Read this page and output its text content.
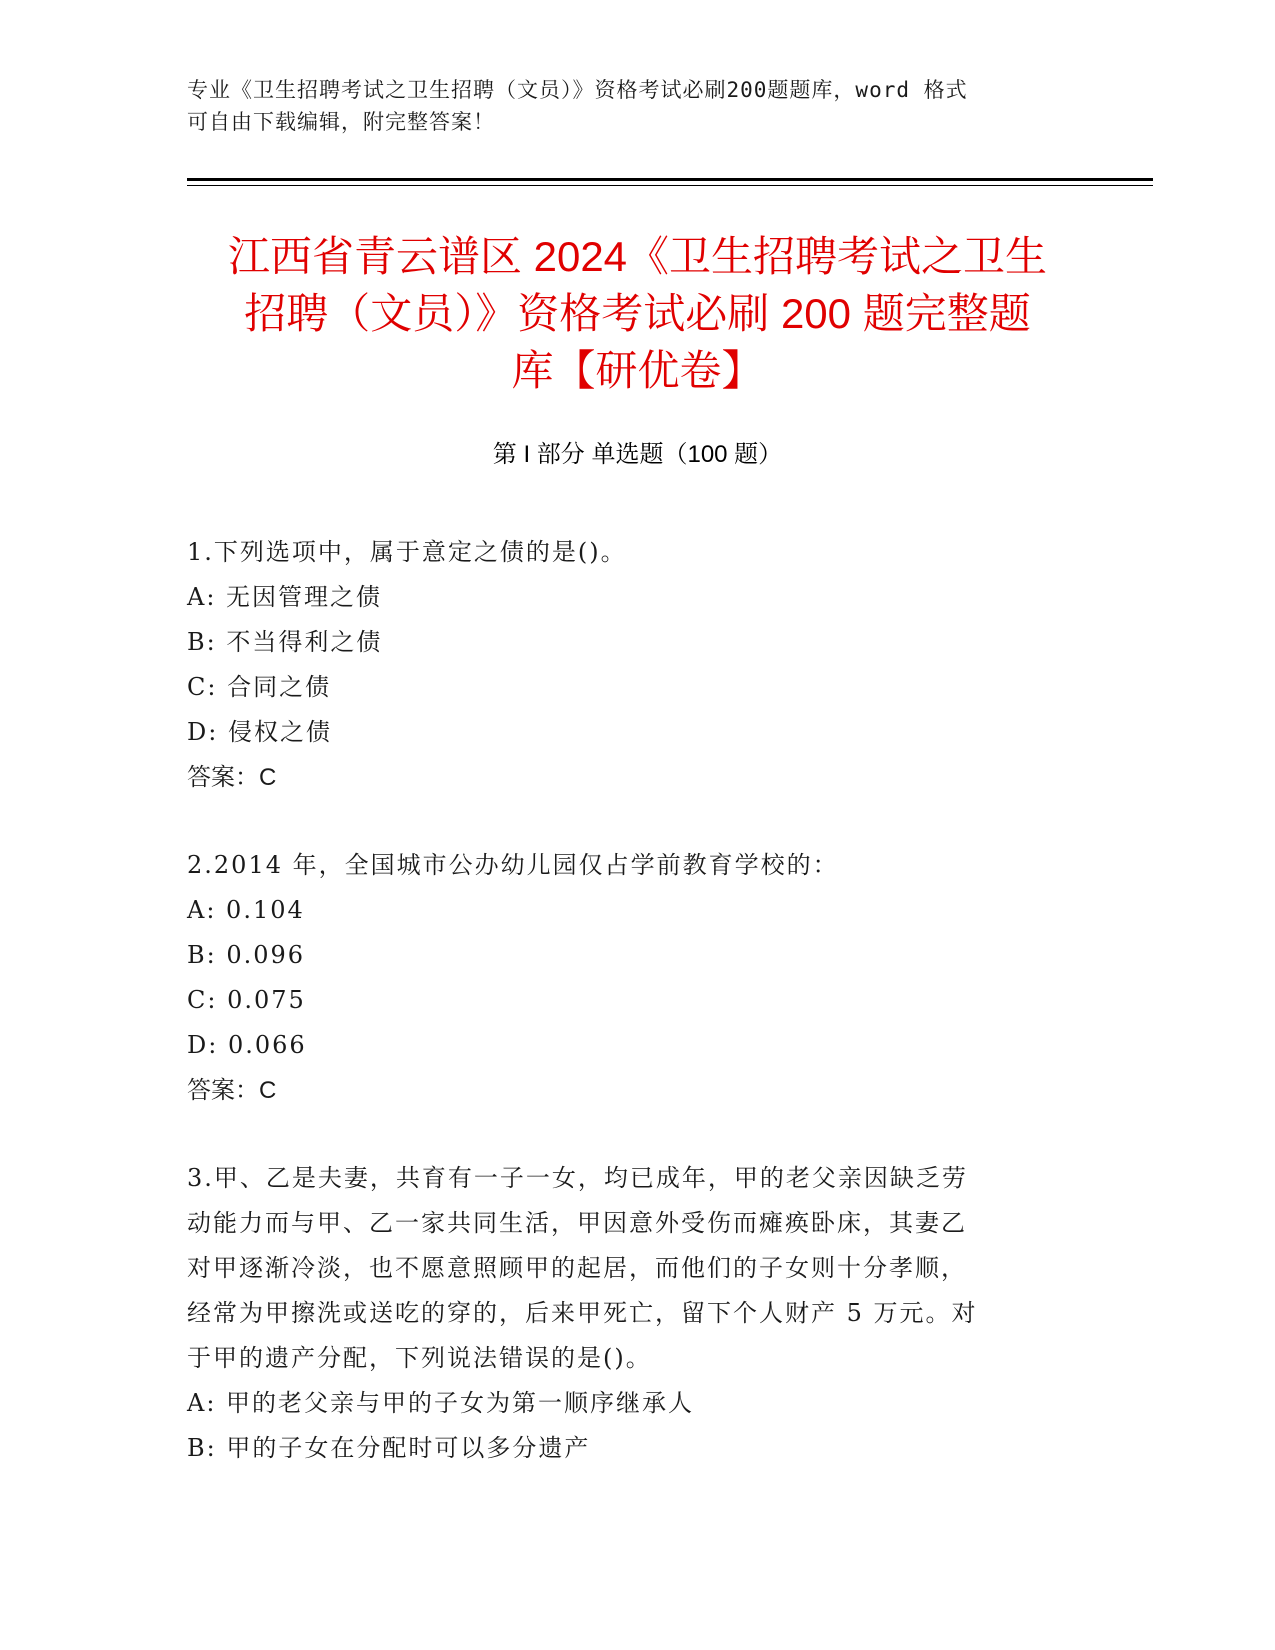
专业《卫生招聘考试之卫生招聘（文员）》资格考试必刷200题题库，word 格式
可自由下载编辑，附完整答案！
江西省青云谱区 2024《卫生招聘考试之卫生
招聘（文员）》资格考试必刷 200 题完整题
库【研优卷】
第 I 部分 单选题（100 题）
1.下列选项中，属于意定之债的是()。
A: 无因管理之债
B: 不当得利之债
C: 合同之债
D: 侵权之债
答案：C
2.2014 年，全国城市公办幼儿园仅占学前教育学校的：
A: 0.104
B: 0.096
C: 0.075
D: 0.066
答案：C
3.甲、乙是夫妻，共育有一子一女，均已成年，甲的老父亲因缺乏劳
动能力而与甲、乙一家共同生活，甲因意外受伤而瘫痪卧床，其妻乙
对甲逐渐冷淡，也不愿意照顾甲的起居，而他们的子女则十分孝顺，
经常为甲擦洗或送吃的穿的，后来甲死亡，留下个人财产 5 万元。对
于甲的遗产分配，下列说法错误的是()。
A: 甲的老父亲与甲的子女为第一顺序继承人
B: 甲的子女在分配时可以多分遗产
